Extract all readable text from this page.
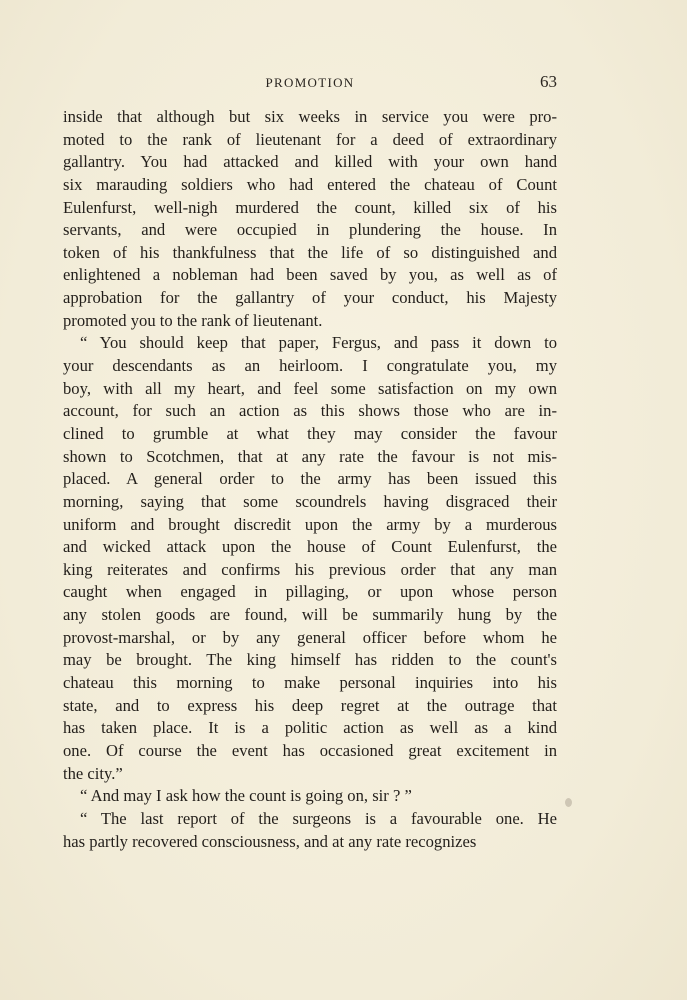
PROMOTION	63
inside that although but six weeks in service you were pro-
moted to the rank of lieutenant for a deed of extraordinary
gallantry. You had attacked and killed with your own hand
six marauding soldiers who had entered the chateau of Count
Eulenfurst, well-nigh murdered the count, killed six of his
servants, and were occupied in plundering the house. In
token of his thankfulness that the life of so distinguished and
enlightened a nobleman had been saved by you, as well as of
approbation for the gallantry of your conduct, his Majesty
promoted you to the rank of lieutenant.
“ You should keep that paper, Fergus, and pass it down to
your descendants as an heirloom. I congratulate you, my
boy, with all my heart, and feel some satisfaction on my own
account, for such an action as this shows those who are in-
clined to grumble at what they may consider the favour
shown to Scotchmen, that at any rate the favour is not mis-
placed. A general order to the army has been issued this
morning, saying that some scoundrels having disgraced their
uniform and brought discredit upon the army by a murderous
and wicked attack upon the house of Count Eulenfurst, the
king reiterates and confirms his previous order that any man
caught when engaged in pillaging, or upon whose person
any stolen goods are found, will be summarily hung by the
provost-marshal, or by any general officer before whom he
may be brought. The king himself has ridden to the count's
chateau this morning to make personal inquiries into his
state, and to express his deep regret at the outrage that
has taken place. It is a politic action as well as a kind
one. Of course the event has occasioned great excitement in
the city.”
“ And may I ask how the count is going on, sir ? ”
“ The last report of the surgeons is a favourable one. He
has partly recovered consciousness, and at any rate recognizes
